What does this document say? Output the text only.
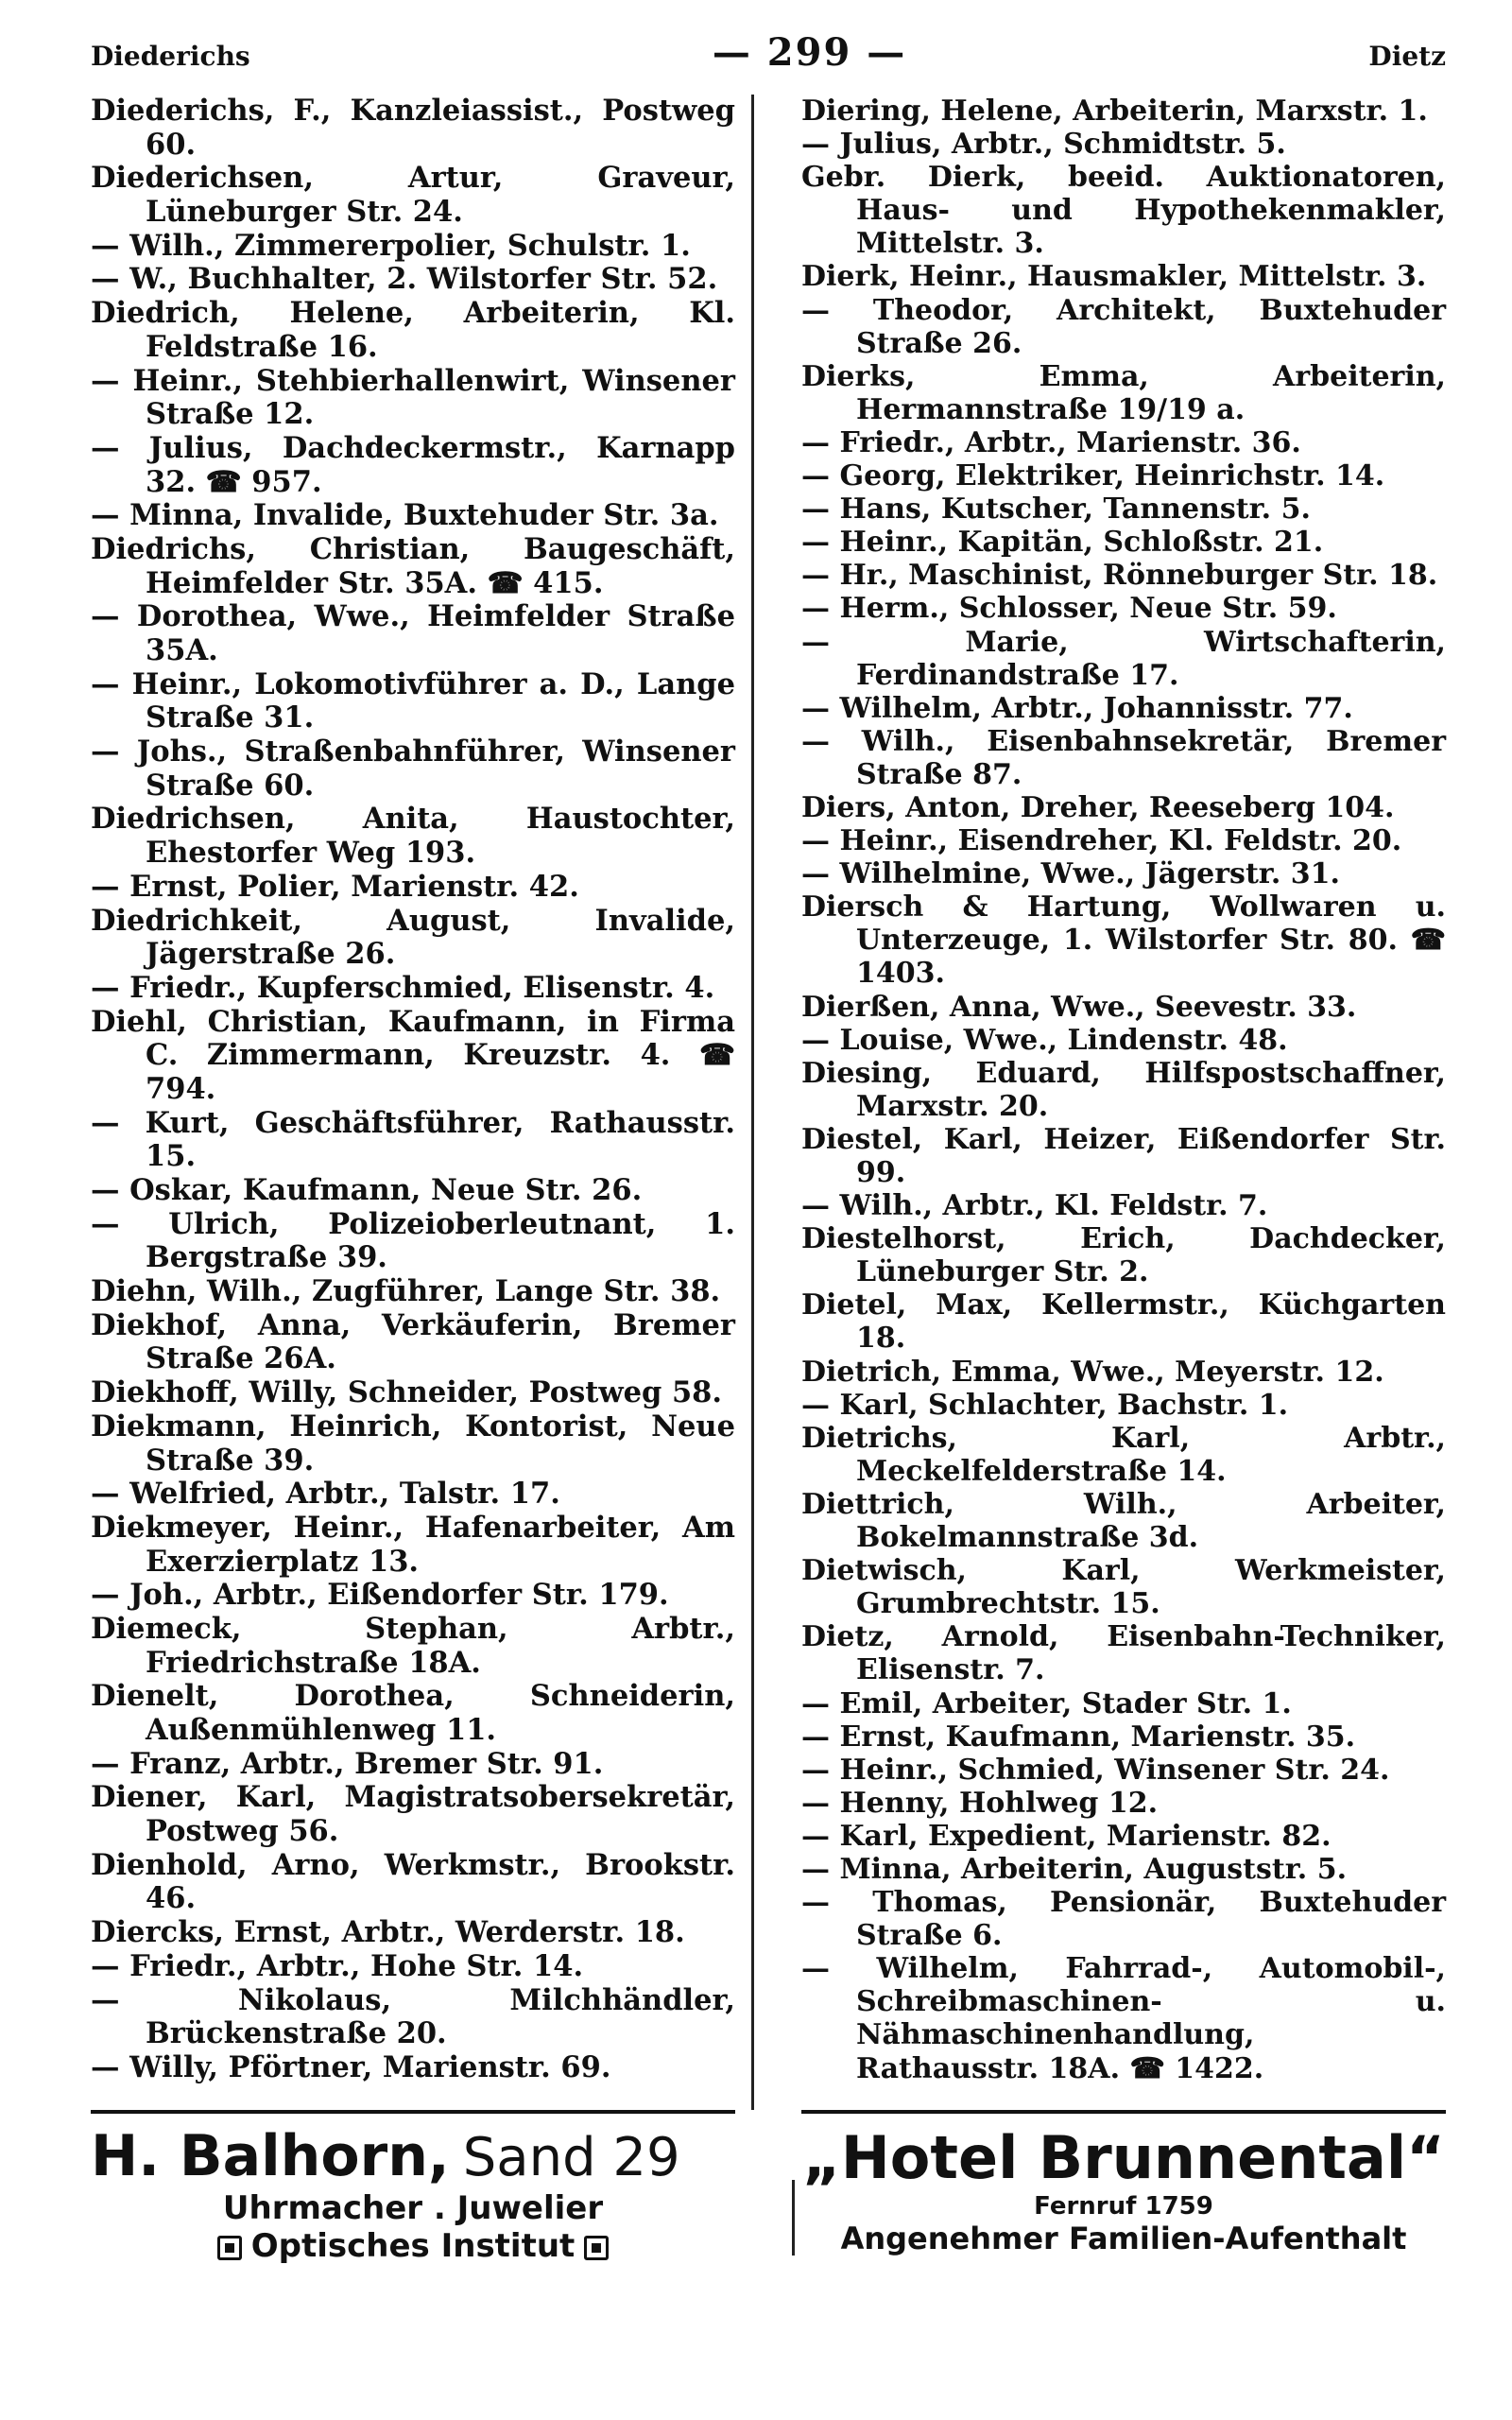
Diederichs	— 299 —	Dietz
Diederichs, F., Kanzleiassist., Postweg 60.
Diederichsen, Artur, Graveur, Lüneburger Str. 24.
— Wilh., Zimmererpolier, Schulstr. 1.
— W., Buchhalter, 2. Wilstorfer Str. 52.
Diedrich, Helene, Arbeiterin, Kl. Feldstraße 16.
— Heinr., Stehbierhallenwirt, Winsener Straße 12.
— Julius, Dachdeckermstr., Karnapp 32. ☎ 957.
— Minna, Invalide, Buxtehuder Str. 3a.
Diedrichs, Christian, Baugeschäft, Heimfelder Str. 35A. ☎ 415.
— Dorothea, Wwe., Heimfelder Straße 35A.
— Heinr., Lokomotivführer a. D., Lange Straße 31.
— Johs., Straßenbahnführer, Winsener Straße 60.
Diedrichsen, Anita, Haustochter, Ehestorfer Weg 193.
— Ernst, Polier, Marienstr. 42.
Diedrichkeit, August, Invalide, Jägerstraße 26.
— Friedr., Kupferschmied, Elisenstr. 4.
Diehl, Christian, Kaufmann, in Firma C. Zimmermann, Kreuzstr. 4. ☎ 794.
— Kurt, Geschäftsführer, Rathausstr. 15.
— Oskar, Kaufmann, Neue Str. 26.
— Ulrich, Polizeioberleutnant, 1. Bergstraße 39.
Diehn, Wilh., Zugführer, Lange Str. 38.
Diekhof, Anna, Verkäuferin, Bremer Straße 26A.
Diekhoff, Willy, Schneider, Postweg 58.
Diekmann, Heinrich, Kontorist, Neue Straße 39.
— Welfried, Arbtr., Talstr. 17.
Diekmeyer, Heinr., Hafenarbeiter, Am Exerzierplatz 13.
— Joh., Arbtr., Eißendorfer Str. 179.
Diemeck, Stephan, Arbtr., Friedrichstraße 18A.
Dienelt, Dorothea, Schneiderin, Außenmühlenweg 11.
— Franz, Arbtr., Bremer Str. 91.
Diener, Karl, Magistratsobersekretär, Postweg 56.
Dienhold, Arno, Werkmstr., Brookstr. 46.
Diercks, Ernst, Arbtr., Werderstr. 18.
— Friedr., Arbtr., Hohe Str. 14.
— Nikolaus, Milchhändler, Brückenstraße 20.
— Willy, Pförtner, Marienstr. 69.
Diering, Helene, Arbeiterin, Marxstr. 1.
— Julius, Arbtr., Schmidtstr. 5.
Gebr. Dierk, beeid. Auktionatoren, Haus- und Hypothekenmakler, Mittelstr. 3.
Dierk, Heinr., Hausmakler, Mittelstr. 3.
— Theodor, Architekt, Buxtehuder Straße 26.
Dierks, Emma, Arbeiterin, Hermannstraße 19/19 a.
— Friedr., Arbtr., Marienstr. 36.
— Georg, Elektriker, Heinrichstr. 14.
— Hans, Kutscher, Tannenstr. 5.
— Heinr., Kapitän, Schloßstr. 21.
— Hr., Maschinist, Rönneburger Str. 18.
— Herm., Schlosser, Neue Str. 59.
— Marie, Wirtschafterin, Ferdinandstraße 17.
— Wilhelm, Arbtr., Johannisstr. 77.
— Wilh., Eisenbahnsekretär, Bremer Straße 87.
Diers, Anton, Dreher, Reeseberg 104.
— Heinr., Eisendreher, Kl. Feldstr. 20.
— Wilhelmine, Wwe., Jägerstr. 31.
Diersch & Hartung, Wollwaren u. Unterzeuge, 1. Wilstorfer Str. 80. ☎ 1403.
Dierßen, Anna, Wwe., Seevestr. 33.
— Louise, Wwe., Lindenstr. 48.
Diesing, Eduard, Hilfspostschaffner, Marxstr. 20.
Diestel, Karl, Heizer, Eißendorfer Str. 99.
— Wilh., Arbtr., Kl. Feldstr. 7.
Diestelhorst, Erich, Dachdecker, Lüneburger Str. 2.
Dietel, Max, Kellermstr., Küchgarten 18.
Dietrich, Emma, Wwe., Meyerstr. 12.
— Karl, Schlachter, Bachstr. 1.
Dietrichs, Karl, Arbtr., Meckelfelderstraße 14.
Diettrich, Wilh., Arbeiter, Bokelmannstraße 3d.
Dietwisch, Karl, Werkmeister, Grumbrechtstr. 15.
Dietz, Arnold, Eisenbahn-Techniker, Elisenstr. 7.
— Emil, Arbeiter, Stader Str. 1.
— Ernst, Kaufmann, Marienstr. 35.
— Heinr., Schmied, Winsener Str. 24.
— Henny, Hohlweg 12.
— Karl, Expedient, Marienstr. 82.
— Minna, Arbeiterin, Auguststr. 5.
— Thomas, Pensionär, Buxtehuder Straße 6.
— Wilhelm, Fahrrad-, Automobil-, Schreibmaschinen- u. Nähmaschinenhandlung, Rathausstr. 18A. ☎ 1422.
H. Balhorn, Sand 29
Uhrmacher . Juwelier
Optisches Institut
„Hotel Brunnental“
Fernruf 1759
Angenehmer Familien-Aufenthalt
